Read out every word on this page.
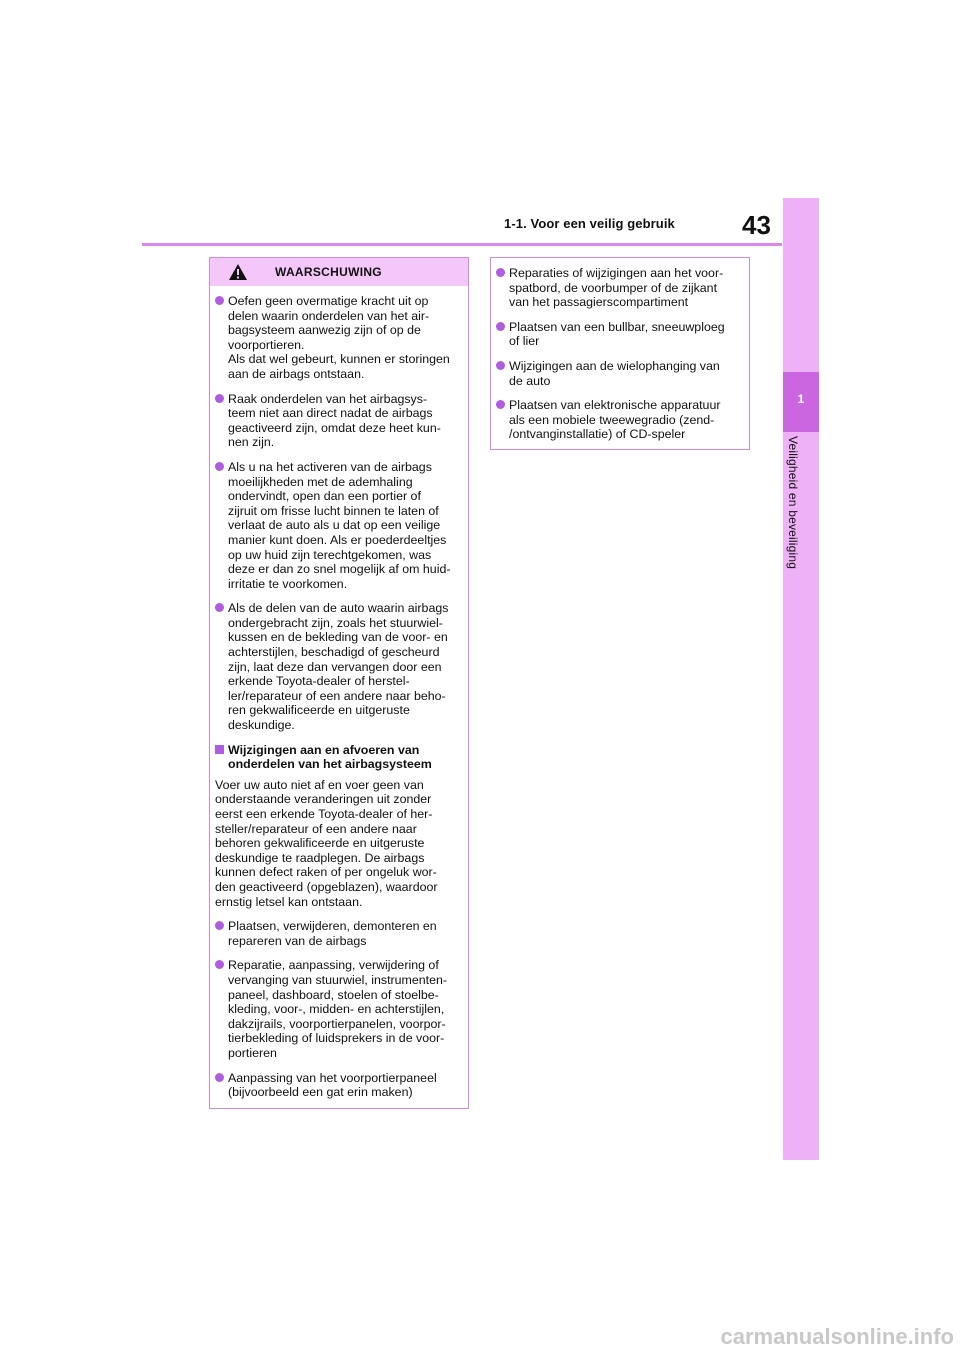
1-1. Voor een veilig gebruik	43
1
Veiligheid en beveiliging
WAARSCHUWING
Oefen geen overmatige kracht uit op
delen waarin onderdelen van het air-
bagsysteem aanwezig zijn of op de
voorportieren.
Als dat wel gebeurt, kunnen er storingen
aan de airbags ontstaan.
Raak onderdelen van het airbagsys-
teem niet aan direct nadat de airbags
geactiveerd zijn, omdat deze heet kun-
nen zijn.
Als u na het activeren van de airbags
moeilijkheden met de ademhaling
ondervindt, open dan een portier of
zijruit om frisse lucht binnen te laten of
verlaat de auto als u dat op een veilige
manier kunt doen. Als er poederdeeltjes
op uw huid zijn terechtgekomen, was
deze er dan zo snel mogelijk af om huid-
irritatie te voorkomen.
Als de delen van de auto waarin airbags
ondergebracht zijn, zoals het stuurwiel-
kussen en de bekleding van de voor- en
achterstijlen, beschadigd of gescheurd
zijn, laat deze dan vervangen door een
erkende Toyota-dealer of herstel-
ler/reparateur of een andere naar beho-
ren gekwalificeerde en uitgeruste
deskundige.
Wijzigingen aan en afvoeren van
onderdelen van het airbagsysteem
Voer uw auto niet af en voer geen van
onderstaande veranderingen uit zonder
eerst een erkende Toyota-dealer of her-
steller/reparateur of een andere naar
behoren gekwalificeerde en uitgeruste
deskundige te raadplegen. De airbags
kunnen defect raken of per ongeluk wor-
den geactiveerd (opgeblazen), waardoor
ernstig letsel kan ontstaan.
Plaatsen, verwijderen, demonteren en
repareren van de airbags
Reparatie, aanpassing, verwijdering of
vervanging van stuurwiel, instrumenten-
paneel, dashboard, stoelen of stoelbe-
kleding, voor-, midden- en achterstijlen,
dakzijrails, voorportierpanelen, voorpor-
tierbekleding of luidsprekers in de voor-
portieren
Aanpassing van het voorportierpaneel
(bijvoorbeeld een gat erin maken)
Reparaties of wijzigingen aan het voor-
spatbord, de voorbumper of de zijkant
van het passagierscompartiment
Plaatsen van een bullbar, sneeuwploeg
of lier
Wijzigingen aan de wielophanging van
de auto
Plaatsen van elektronische apparatuur
als een mobiele tweewegradio (zend-
/ontvanginstallatie) of CD-speler
carmanualsonline.info
